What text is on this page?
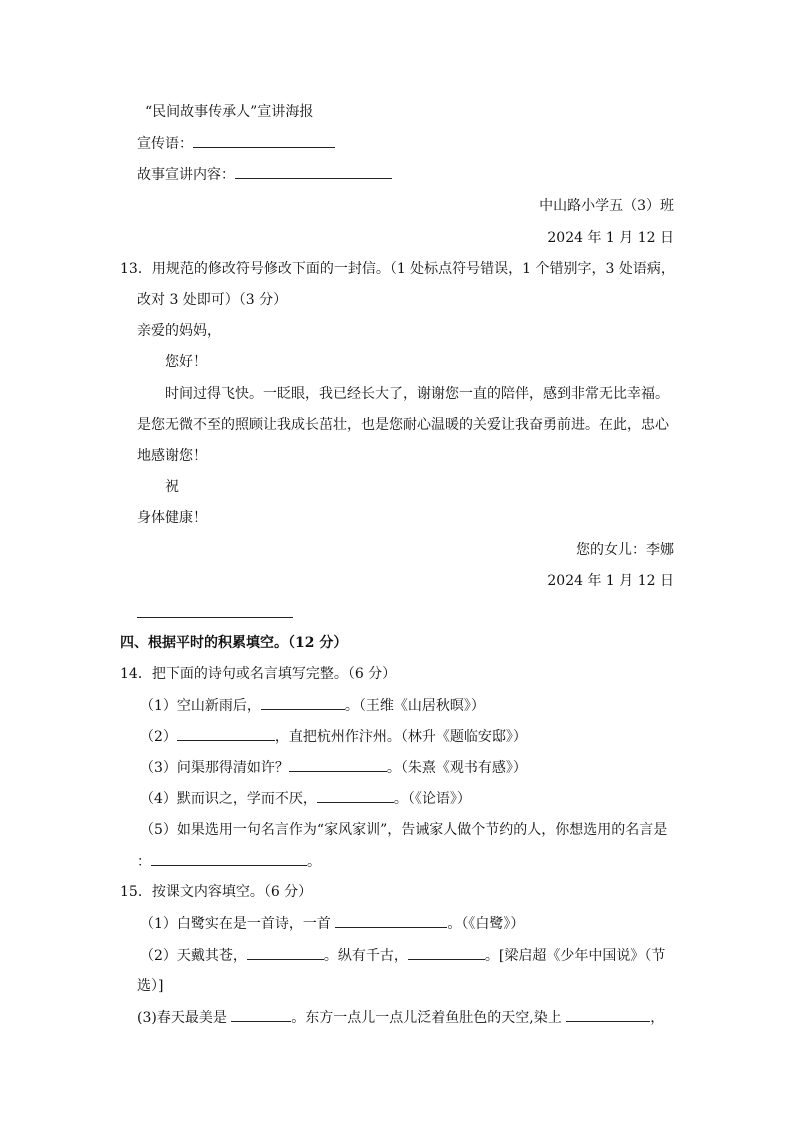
“民间故事传承人”宣讲海报
宣传语：
故事宣讲内容：
中山路小学五（3）班
2024 年 1 月 12 日
13．用规范的修改符号修改下面的一封信。（1 处标点符号错误，1 个错别字，3 处语病，
改对 3 处即可）（3 分）
亲爱的妈妈，
您好！
时间过得飞快。一眨眼，我已经长大了，谢谢您一直的陪伴，感到非常无比幸福。
是您无微不至的照顾让我成长茁壮，也是您耐心温暖的关爱让我奋勇前进。在此，忠心
地感谢您！
祝
身体健康！
您的女儿：李娜
2024 年 1 月 12 日
四、根据平时的积累填空。（12 分）
14．把下面的诗句或名言填写完整。（6 分）
（1）空山新雨后，	。（王维《山居秋暝》）
（2）	，直把杭州作汴州。（林升《题临安邸》）
（3）问渠那得清如许？	。（朱熹《观书有感》）
（4）默而识之，学而不厌，	。（《论语》）
（5）如果选用一句名言作为“家风家训”，告诫家人做个节约的人，你想选用的名言是
：	。
15．按课文内容填空。（6 分）
（1）白鹭实在是一首诗，一首	。（《白鹭》）
（2）天戴其苍，	。纵有千古，	。[梁启超《少年中国说》（节
选）]
(3)春天最美是	。东方一点儿一点儿泛着鱼肚色的天空,染上	，
